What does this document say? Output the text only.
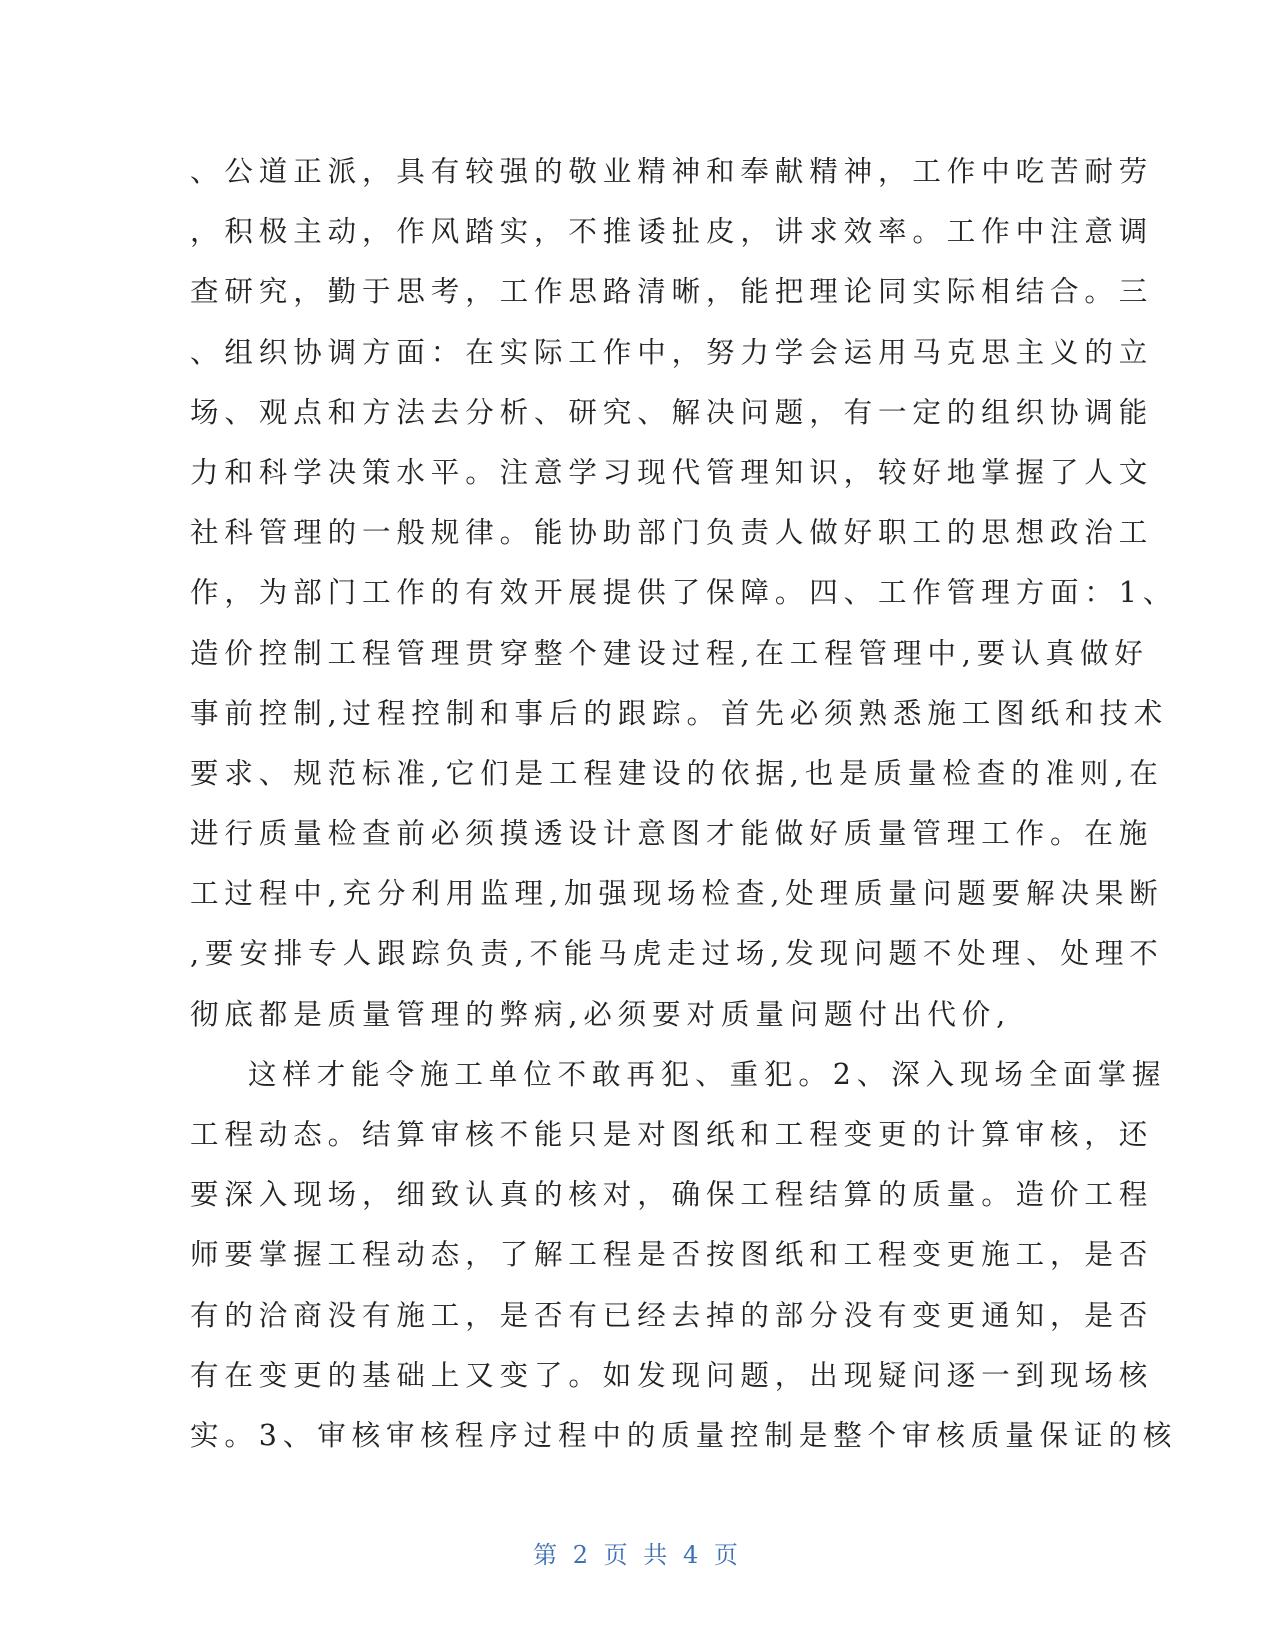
、公道正派，具有较强的敬业精神和奉献精神，工作中吃苦耐劳
，积极主动，作风踏实，不推诿扯皮，讲求效率。工作中注意调
查研究，勤于思考，工作思路清晰，能把理论同实际相结合。三
、组织协调方面：在实际工作中，努力学会运用马克思主义的立
场、观点和方法去分析、研究、解决问题，有一定的组织协调能
力和科学决策水平。注意学习现代管理知识，较好地掌握了人文
社科管理的一般规律。能协助部门负责人做好职工的思想政治工
作，为部门工作的有效开展提供了保障。四、工作管理方面：1、
造价控制工程管理贯穿整个建设过程,在工程管理中,要认真做好
事前控制,过程控制和事后的跟踪。首先必须熟悉施工图纸和技术
要求、规范标准,它们是工程建设的依据,也是质量检查的准则,在
进行质量检查前必须摸透设计意图才能做好质量管理工作。在施
工过程中,充分利用监理,加强现场检查,处理质量问题要解决果断
,要安排专人跟踪负责,不能马虎走过场,发现问题不处理、处理不
彻底都是质量管理的弊病,必须要对质量问题付出代价,
这样才能令施工单位不敢再犯、重犯。2、深入现场全面掌握
工程动态。结算审核不能只是对图纸和工程变更的计算审核，还
要深入现场，细致认真的核对，确保工程结算的质量。造价工程
师要掌握工程动态，了解工程是否按图纸和工程变更施工，是否
有的洽商没有施工，是否有已经去掉的部分没有变更通知，是否
有在变更的基础上又变了。如发现问题，出现疑问逐一到现场核
实。3、审核审核程序过程中的质量控制是整个审核质量保证的核
第 2 页 共 4 页
